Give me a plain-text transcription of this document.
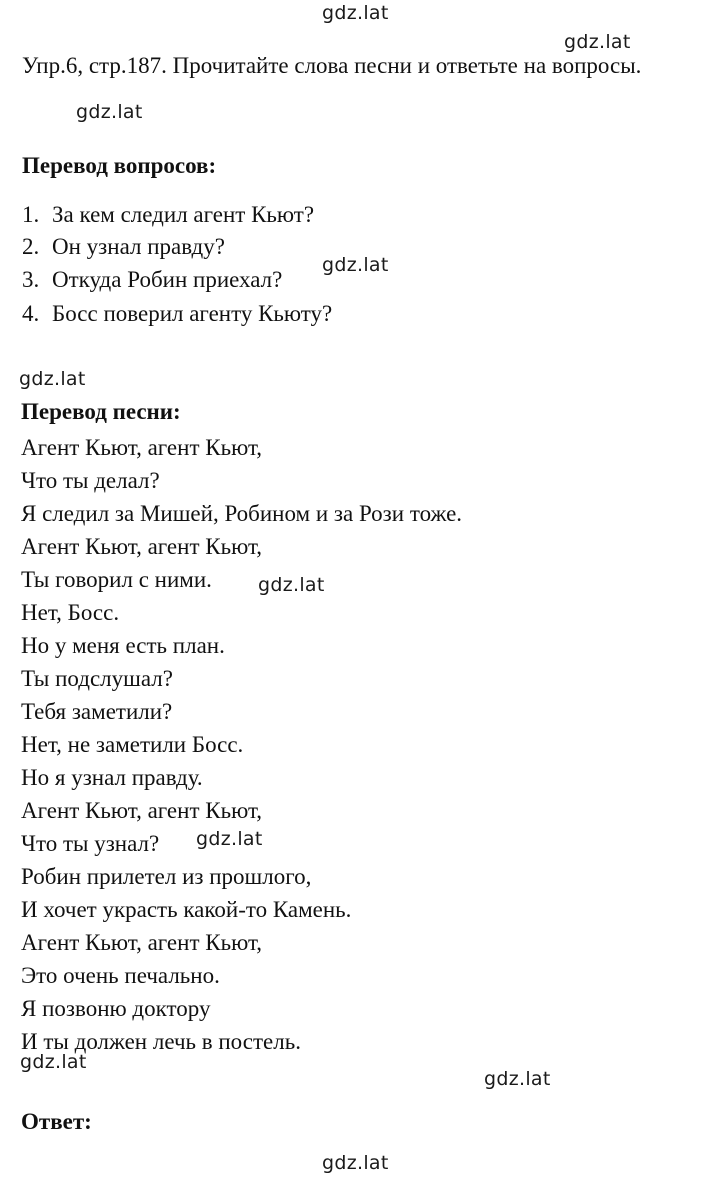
Упр.6, стр.187. Прочитайте слова песни и ответьте на вопросы.
Перевод вопросов:
1. За кем следил агент Кьют?
2. Он узнал правду?
3. Откуда Робин приехал?
4. Босс поверил агенту Кьюту?
Перевод песни:
Агент Кьют, агент Кьют,
Что ты делал?
Я следил за Мишей, Робином и за Рози тоже.
Агент Кьют, агент Кьют,
Ты говорил с ними.
Нет, Босс.
Но у меня есть план.
Ты подслушал?
Тебя заметили?
Нет, не заметили Босс.
Но я узнал правду.
Агент Кьют, агент Кьют,
Что ты узнал?
Робин прилетел из прошлого,
И хочет украсть какой-то Камень.
Агент Кьют, агент Кьют,
Это очень печально.
Я позвоню доктору
И ты должен лечь в постель.
Ответ:
gdz.lat
gdz.lat
gdz.lat
gdz.lat
gdz.lat
gdz.lat
gdz.lat
gdz.lat
gdz.lat
gdz.lat
